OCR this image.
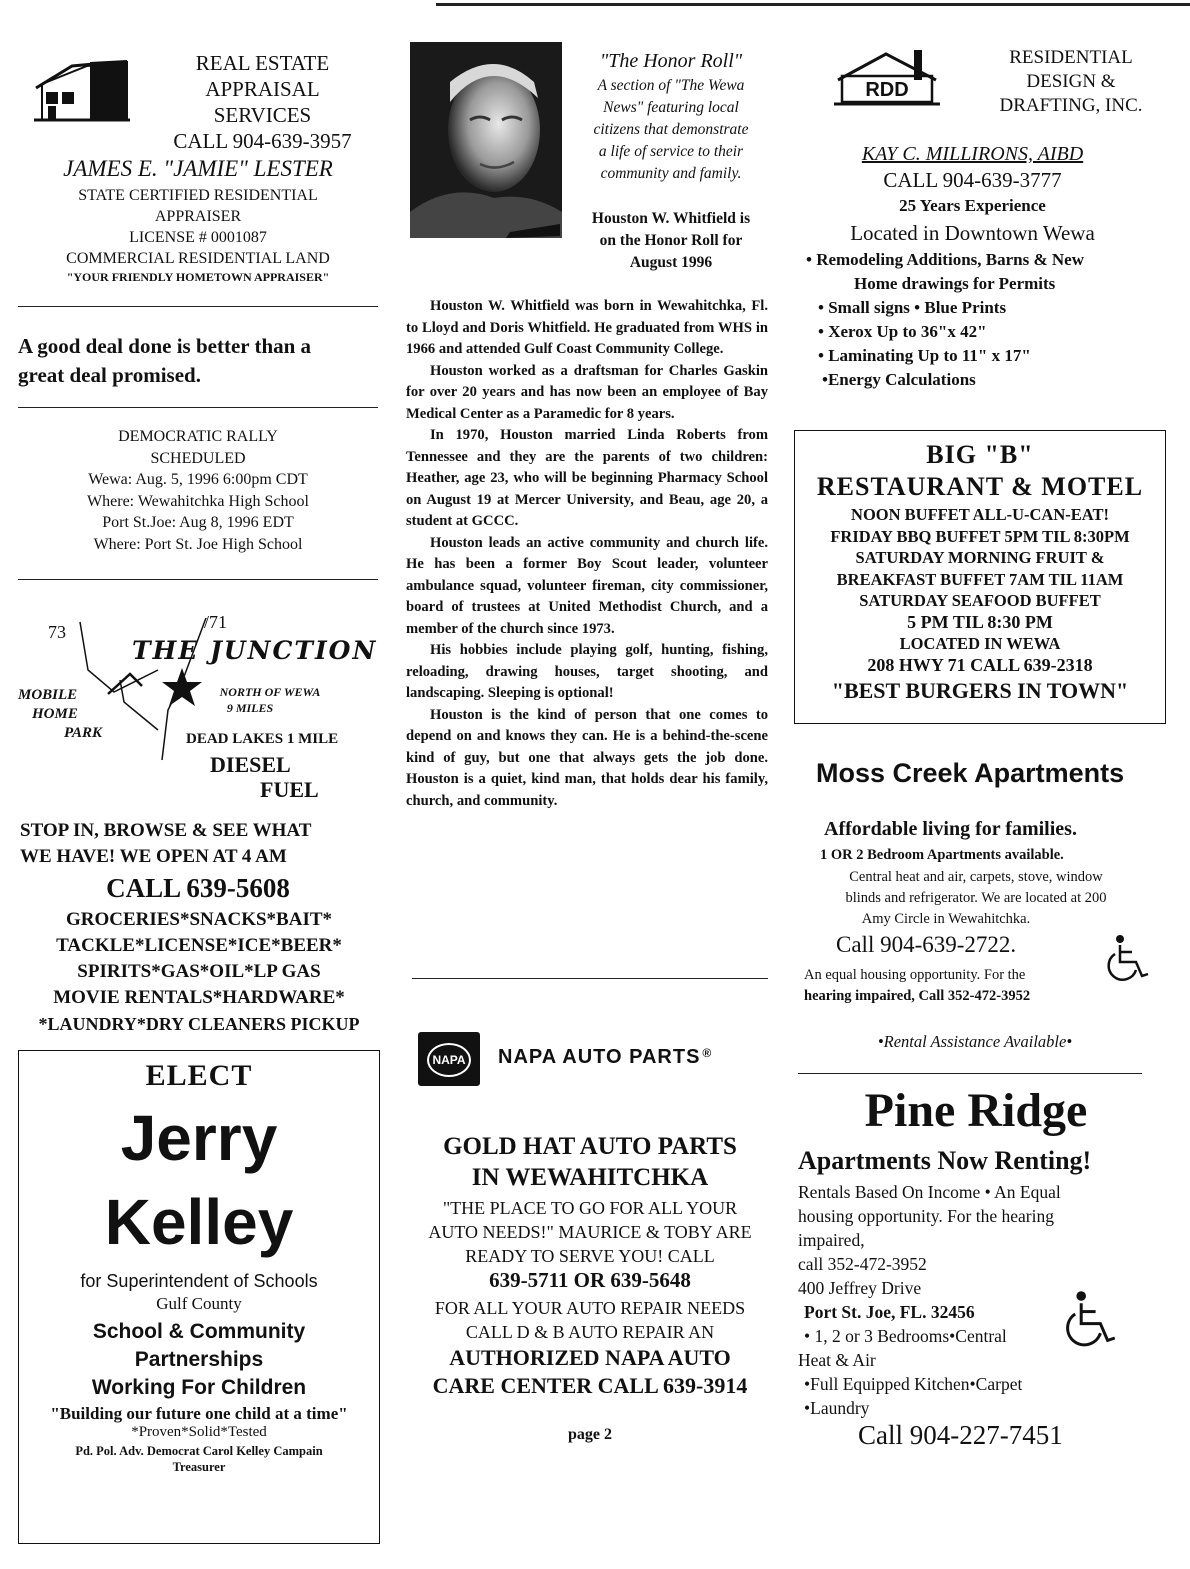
REAL ESTATE

APPRAISAL

SERVICES

CALL 904-639-3957

JAMES E. "JAMIE" LESTER

STATE CERTIFIED RESIDENTIAL

APPRAISER

LICENSE # 0001087

COMMERCIAL RESIDENTIAL LAND

"YOUR FRIENDLY HOMETOWN APPRAISER"

A good deal done is better than a

great deal promised.

DEMOCRATIC RALLY

SCHEDULED

Wewa: Aug. 5, 1996 6:00pm CDT

Where: Wewahitchka High School

Port St.Joe: Aug 8, 1996 EDT

Where: Port St. Joe High School

73	/71
THE JUNCTION

MOBILE

HOME

PARK

NORTH OF WEWA

9 MILES

DEAD LAKES 1 MILE

DIESEL

FUEL

STOP IN, BROWSE & SEE WHAT

WE HAVE! WE OPEN AT 4 AM

CALL 639-5608

GROCERIES*SNACKS*BAIT*

TACKLE*LICENSE*ICE*BEER*

SPIRITS*GAS*OIL*LP GAS

MOVIE RENTALS*HARDWARE*

*LAUNDRY*DRY CLEANERS PICKUP

ELECT
Jerry
Kelley
for Superintendent of Schools
Gulf County

School & Community

Partnerships

Working For Children

"Building our future one child at a time"
*Proven*Solid*Tested

Pd. Pol. Adv. Democrat Carol Kelley Campain

Treasurer

"The Honor Roll"

A section of "The Wewa

News" featuring local

citizens that demonstrate

a life of service to their

community and family.

Houston W. Whitfield is

on the Honor Roll for

August 1996

Houston W. Whitfield was born in Wewahitchka, Fl. to Lloyd and Doris Whitfield. He graduated from WHS in 1966 and attended Gulf Coast Community College.

Houston worked as a draftsman for Charles Gaskin for over 20 years and has now been an employee of Bay Medical Center as a Paramedic for 8 years.

In 1970, Houston married Linda Roberts from Tennessee and they are the parents of two children: Heather, age 23, who will be beginning Pharmacy School on August 19 at Mercer University, and Beau, age 20, a student at GCCC.

Houston leads an active community and church life. He has been a former Boy Scout leader, volunteer ambulance squad, volunteer fireman, city commissioner, board of trustees at United Methodist Church, and a member of the church since 1973.

His hobbies include playing golf, hunting, fishing, reloading, drawing houses, target shooting, and landscaping. Sleeping is optional!

Houston is the kind of person that one comes to depend on and knows they can. He is a behind-the-scene kind of guy, but one that always gets the job done. Houston is a quiet, kind man, that holds dear his family, church, and community.

NAPA NAPA AUTO PARTS ®

GOLD HAT AUTO PARTS

IN WEWAHITCHKA

"THE PLACE TO GO FOR ALL YOUR

AUTO NEEDS!" MAURICE & TOBY ARE

READY TO SERVE YOU! CALL

639-5711 OR 639-5648

FOR ALL YOUR AUTO REPAIR NEEDS

CALL D & B AUTO REPAIR AN

AUTHORIZED NAPA AUTO

CARE CENTER CALL 639-3914

page 2
RDD

RESIDENTIAL

DESIGN &

DRAFTING, INC.

KAY C. MILLIRONS, AIBD
CALL 904-639-3777
25 Years Experience
Located in Downtown Wewa

• Remodeling Additions, Barns & New

Home drawings for Permits

• Small signs • Blue Prints

• Xerox Up to 36"x 42"

• Laminating Up to 11" x 17"

•Energy Calculations

BIG "B"

RESTAURANT & MOTEL

NOON BUFFET ALL-U-CAN-EAT!

FRIDAY BBQ BUFFET 5PM TIL 8:30PM

SATURDAY MORNING FRUIT &

BREAKFAST BUFFET 7AM TIL 11AM

SATURDAY SEAFOOD BUFFET

5 PM TIL 8:30 PM

LOCATED IN WEWA

208 HWY 71 CALL 639-2318

"BEST BURGERS IN TOWN"

Moss Creek Apartments
Affordable living for families.
1 OR 2 Bedroom Apartments available.

Central heat and air, carpets, stove, window

blinds and refrigerator. We are located at 200

Amy Circle in Wewahitchka.

Call 904-639-2722.

An equal housing opportunity. For the

hearing impaired, Call 352-472-3952

•Rental Assistance Available•
Pine Ridge
Apartments Now Renting!

Rentals Based On Income • An Equal

housing opportunity. For the hearing

impaired,

call 352-472-3952

400 Jeffrey Drive

Port St. Joe, FL. 32456

• 1, 2 or 3 Bedrooms•Central

Heat & Air

•Full Equipped Kitchen•Carpet

•Laundry

Call 904-227-7451
